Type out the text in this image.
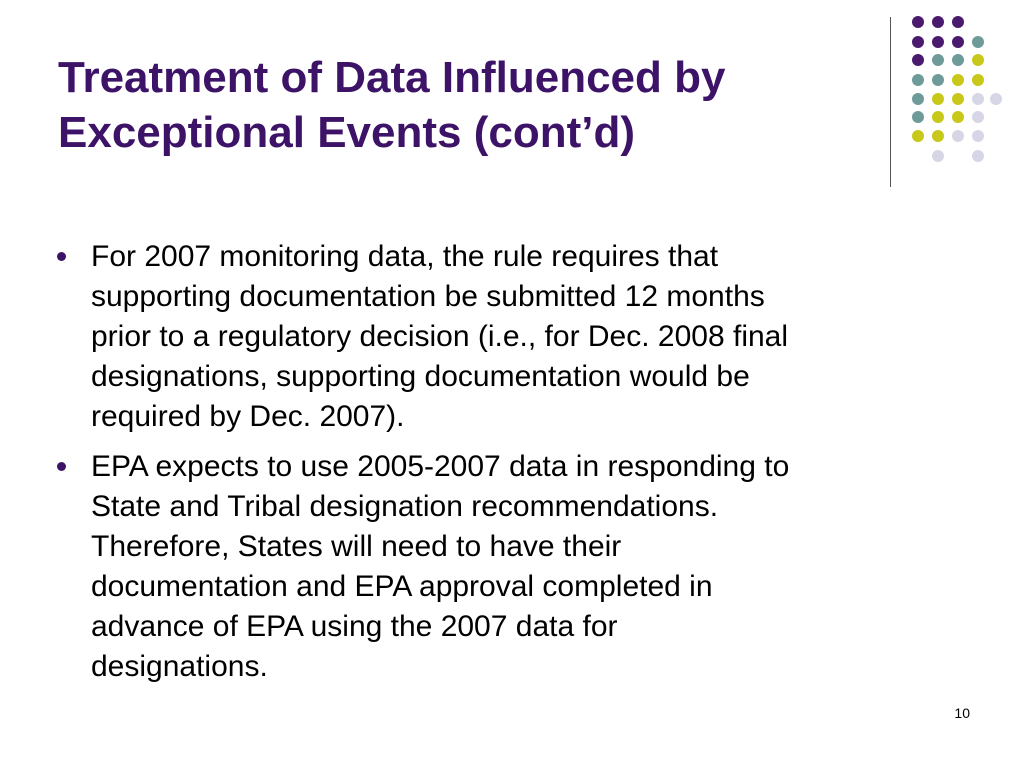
Treatment of Data Influenced by
Exceptional Events (cont’d)
For 2007 monitoring data, the rule requires that
supporting documentation be submitted 12 months
prior to a regulatory decision (i.e., for Dec. 2008 final
designations, supporting documentation would be
required by Dec. 2007).
EPA expects to use 2005-2007 data in responding to
State and Tribal designation recommendations.
Therefore, States will need to have their
documentation and EPA approval completed in
advance of EPA using the 2007 data for
designations.
10
